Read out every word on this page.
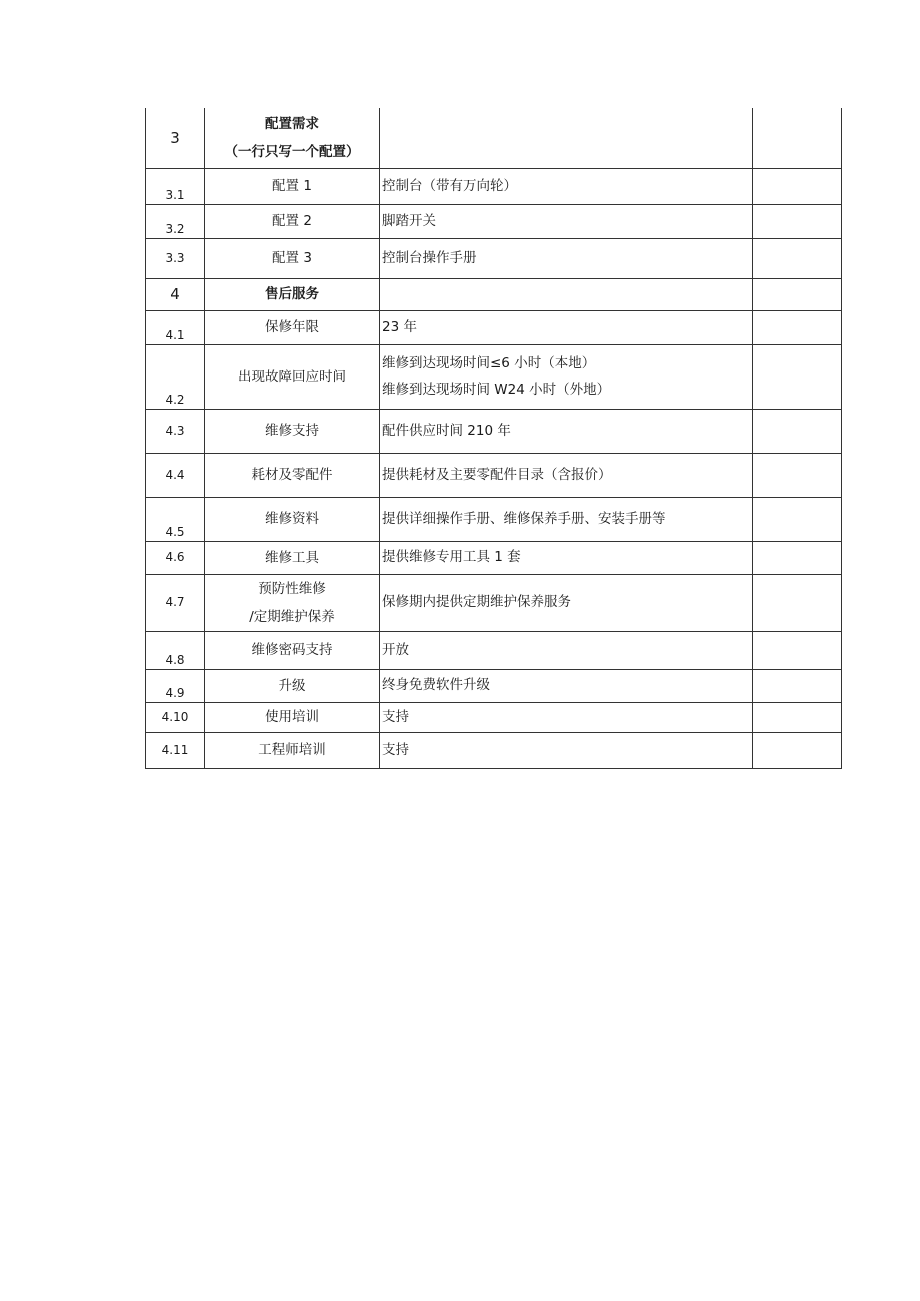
3	配置需求
（一行只写一个配置）		

3.1	配置 1	控制台（带有万向轮）	

3.2	配置 2	脚踏开关	

3.3	配置 3	控制台操作手册	

4	售后服务		

4.1	保修年限	23 年	

4.2	出现故障回应时间	维修到达现场时间≤6 小时（本地）
维修到达现场时间 W24 小时（外地）	

4.3	维修支持	配件供应时间 210 年	

4.4	耗材及零配件	提供耗材及主要零配件目录（含报价）	

4.5	维修资料	提供详细操作手册、维修保养手册、安装手册等	

4.6	维修工具	提供维修专用工具 1 套	

4.7	预防性维修
/定期维护保养	保修期内提供定期维护保养服务	

4.8	维修密码支持	开放	

4.9	升级	终身免费软件升级	

4.10	使用培训	支持	

4.11	工程师培训	支持	
